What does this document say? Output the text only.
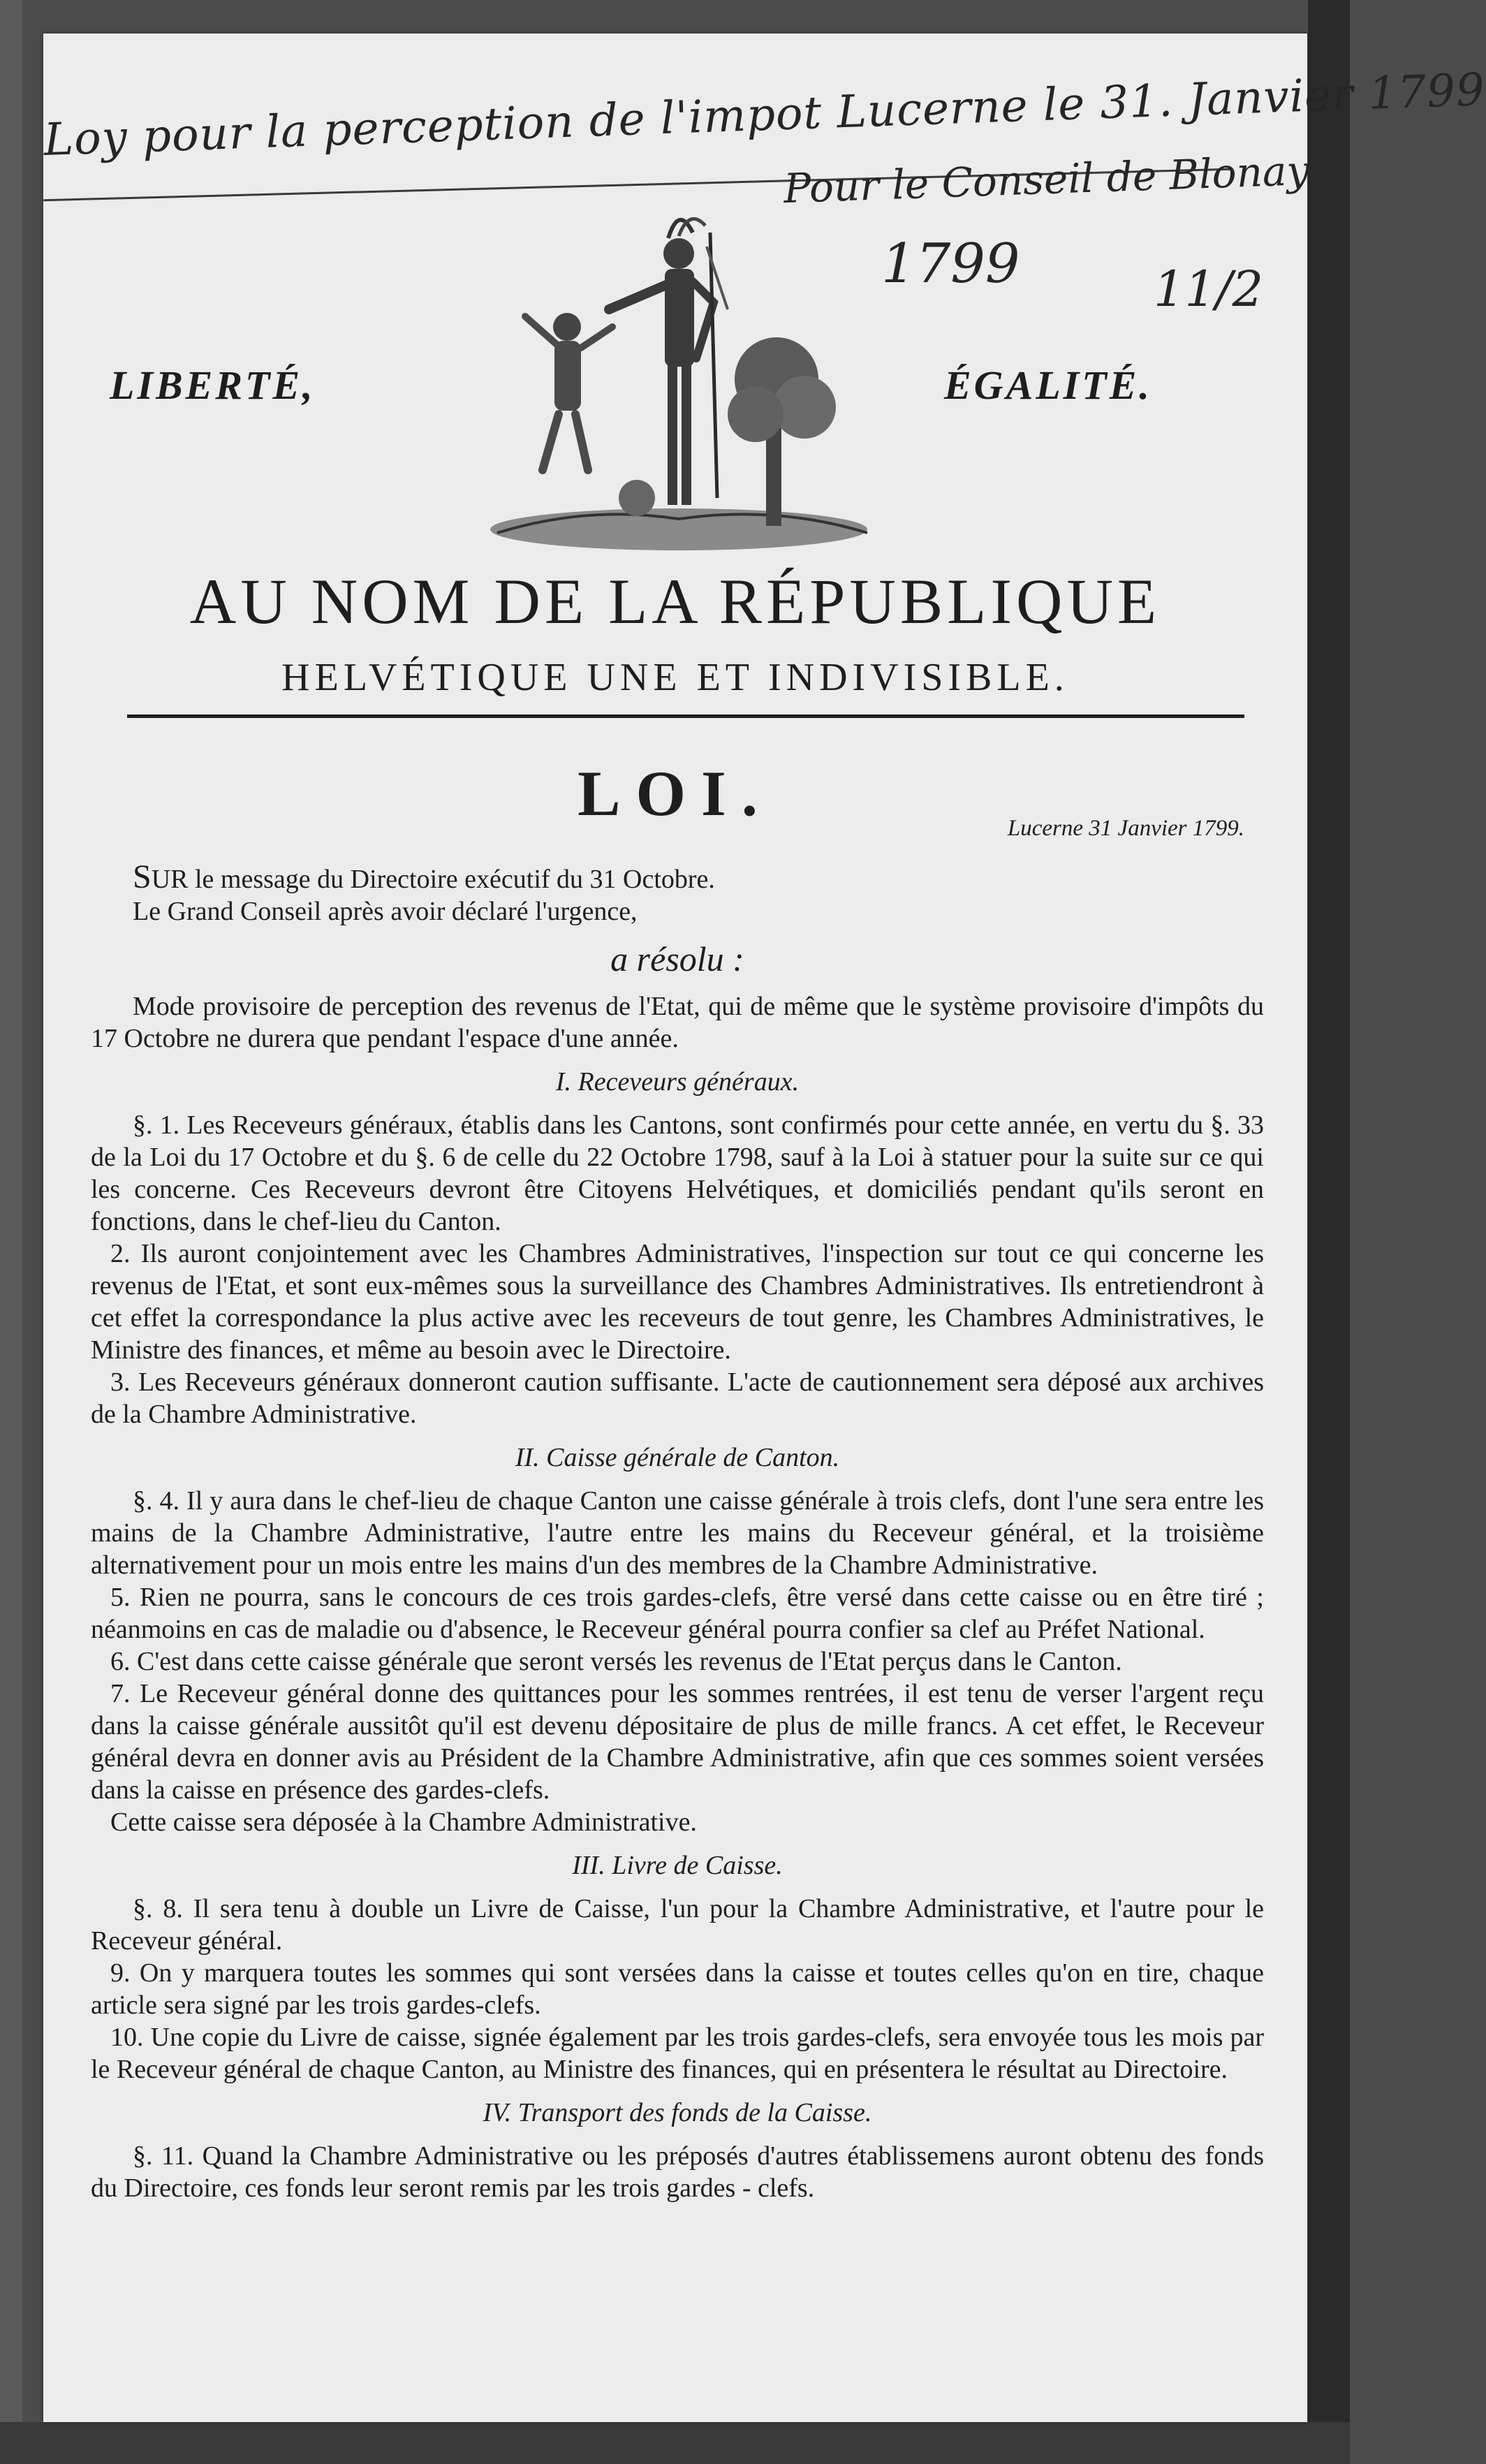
Loy pour la perception de l'impot Lucerne le 31. Janvier 1799
Pour le Conseil de Blonay
1799	11/2
LIBERTÉ,	ÉGALITÉ.
AU NOM DE LA RÉPUBLIQUE
HELVÉTIQUE UNE ET INDIVISIBLE.
LOI.	Lucerne 31 Janvier 1799.

SUR le message du Directoire exécutif du 31 Octobre.

Le Grand Conseil après avoir déclaré l'urgence,

a résolu :

Mode provisoire de perception des revenus de l'Etat, qui de même que le système provisoire d'impôts du 17 Octobre ne durera que pendant l'espace d'une année.

I. Receveurs généraux.

§. 1. Les Receveurs généraux, établis dans les Cantons, sont confirmés pour cette année, en vertu du §. 33 de la Loi du 17 Octobre et du §. 6 de celle du 22 Octobre 1798, sauf à la Loi à statuer pour la suite sur ce qui les concerne. Ces Receveurs devront être Citoyens Helvétiques, et domiciliés pendant qu'ils seront en fonctions, dans le chef-lieu du Canton.

2. Ils auront conjointement avec les Chambres Administratives, l'inspection sur tout ce qui concerne les revenus de l'Etat, et sont eux-mêmes sous la surveillance des Chambres Administratives. Ils entretiendront à cet effet la correspondance la plus active avec les receveurs de tout genre, les Chambres Administratives, le Ministre des finances, et même au besoin avec le Directoire.

3. Les Receveurs généraux donneront caution suffisante. L'acte de cautionnement sera déposé aux archives de la Chambre Administrative.

II. Caisse générale de Canton.

§. 4. Il y aura dans le chef-lieu de chaque Canton une caisse générale à trois clefs, dont l'une sera entre les mains de la Chambre Administrative, l'autre entre les mains du Receveur général, et la troisième alternativement pour un mois entre les mains d'un des membres de la Chambre Administrative.

5. Rien ne pourra, sans le concours de ces trois gardes-clefs, être versé dans cette caisse ou en être tiré ; néanmoins en cas de maladie ou d'absence, le Receveur général pourra confier sa clef au Préfet National.

6. C'est dans cette caisse générale que seront versés les revenus de l'Etat perçus dans le Canton.

7. Le Receveur général donne des quittances pour les sommes rentrées, il est tenu de verser l'argent reçu dans la caisse générale aussitôt qu'il est devenu dépositaire de plus de mille francs. A cet effet, le Receveur général devra en donner avis au Président de la Chambre Administrative, afin que ces sommes soient versées dans la caisse en présence des gardes-clefs.

Cette caisse sera déposée à la Chambre Administrative.

III. Livre de Caisse.

§. 8. Il sera tenu à double un Livre de Caisse, l'un pour la Chambre Administrative, et l'autre pour le Receveur général.

9. On y marquera toutes les sommes qui sont versées dans la caisse et toutes celles qu'on en tire, chaque article sera signé par les trois gardes-clefs.

10. Une copie du Livre de caisse, signée également par les trois gardes-clefs, sera envoyée tous les mois par le Receveur général de chaque Canton, au Ministre des finances, qui en présentera le résultat au Directoire.

IV. Transport des fonds de la Caisse.

§. 11. Quand la Chambre Administrative ou les préposés d'autres établissemens auront obtenu des fonds du Directoire, ces fonds leur seront remis par les trois gardes - clefs.
